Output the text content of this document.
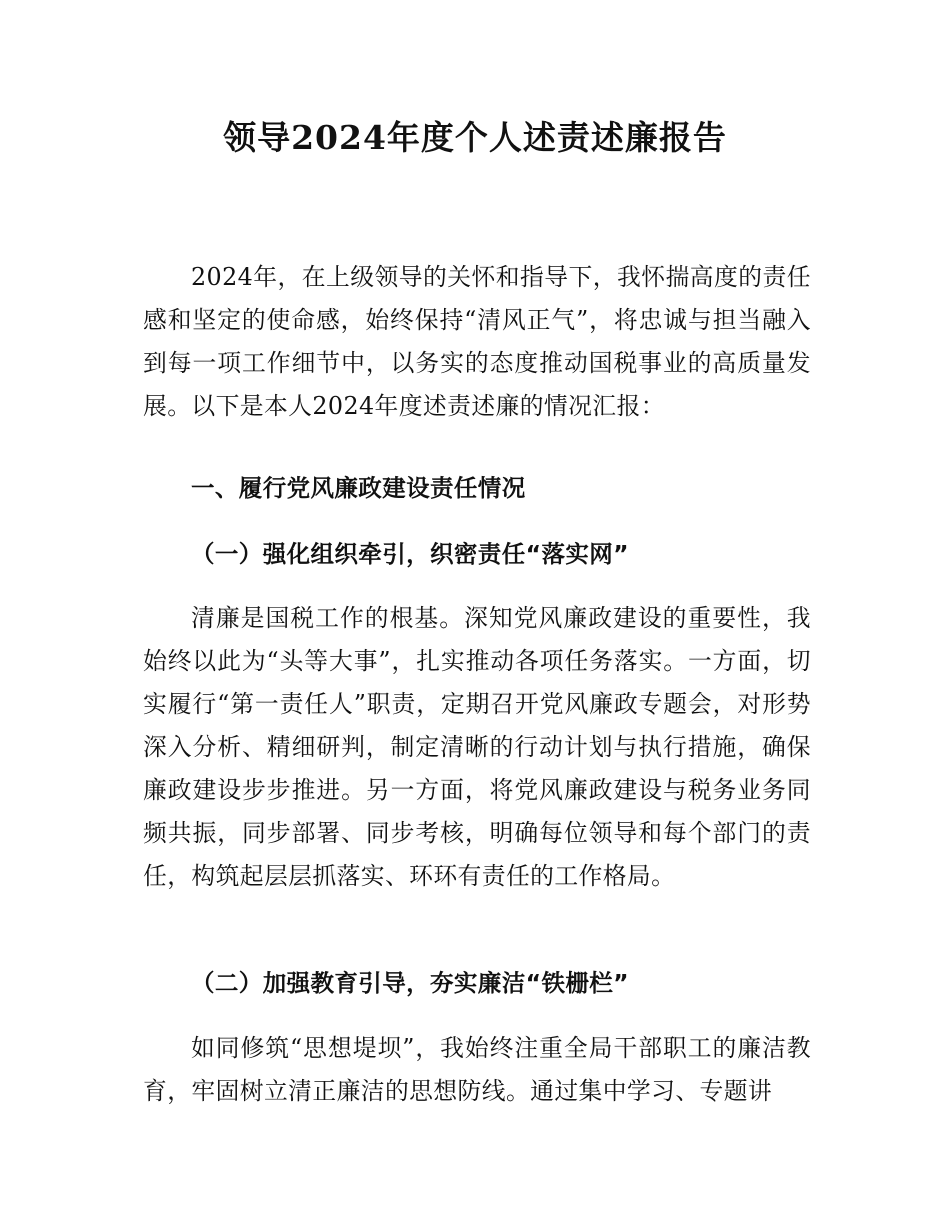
领导2024年度个人述责述廉报告

2024年，在上级领导的关怀和指导下，我怀揣高度的责任感和坚定的使命感，始终保持“清风正气”，将忠诚与担当融入到每一项工作细节中，以务实的态度推动国税事业的高质量发展。以下是本人2024年度述责述廉的情况汇报：

一、履行党风廉政建设责任情况
（一）强化组织牵引，织密责任“落实网”

清廉是国税工作的根基。深知党风廉政建设的重要性，我始终以此为“头等大事”，扎实推动各项任务落实。一方面，切实履行“第一责任人”职责，定期召开党风廉政专题会，对形势深入分析、精细研判，制定清晰的行动计划与执行措施，确保廉政建设步步推进。另一方面，将党风廉政建设与税务业务同频共振，同步部署、同步考核，明确每位领导和每个部门的责任，构筑起层层抓落实、环环有责任的工作格局。

（二）加强教育引导，夯实廉洁“铁栅栏”

如同修筑“思想堤坝”，我始终注重全局干部职工的廉洁教育，牢固树立清正廉洁的思想防线。通过集中学习、专题讲
